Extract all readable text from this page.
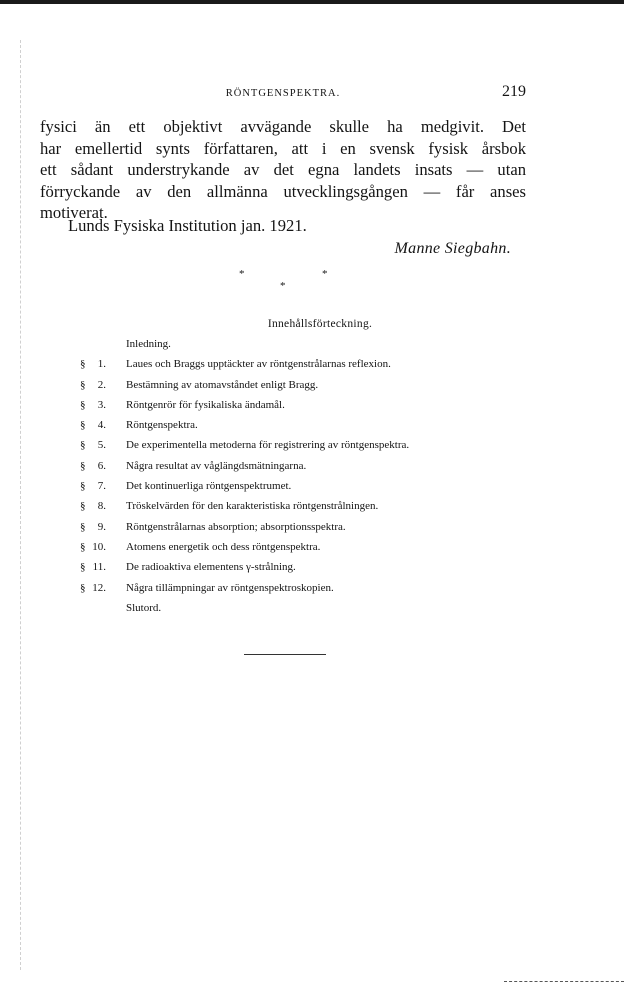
RÖNTGENSPEKTRA.	219
fysici än ett objektivt avvägande skulle ha medgivit. Det
har emellertid synts författaren, att i en svensk fysisk årsbok
ett sådant understrykande av det egna landets insats — utan
förryckande av den allmänna utvecklingsgången — får anses
motiverat.
Lunds Fysiska Institution jan. 1921.
Manne Siegbahn.
*	*
*
Innehållsförteckning.
Inledning.
§	1. Laues och Braggs upptäckter av röntgenstrålarnas reflexion.
§	2. Bestämning av atomavståndet enligt Bragg.
§	3. Röntgenrör för fysikaliska ändamål.
§	4. Röntgenspektra.
§	5. De experimentella metoderna för registrering av röntgenspektra.
§	6. Några resultat av våglängdsmätningarna.
§	7. Det kontinuerliga röntgenspektrumet.
§	8. Tröskelvärden för den karakteristiska röntgenstrålningen.
§	9. Röntgenstrålarnas absorption; absorptionsspektra.
§ 10. Atomens energetik och dess röntgenspektra.
§ 11. De radioaktiva elementens γ-strålning.
§ 12. Några tillämpningar av röntgenspektroskopien.
Slutord.
